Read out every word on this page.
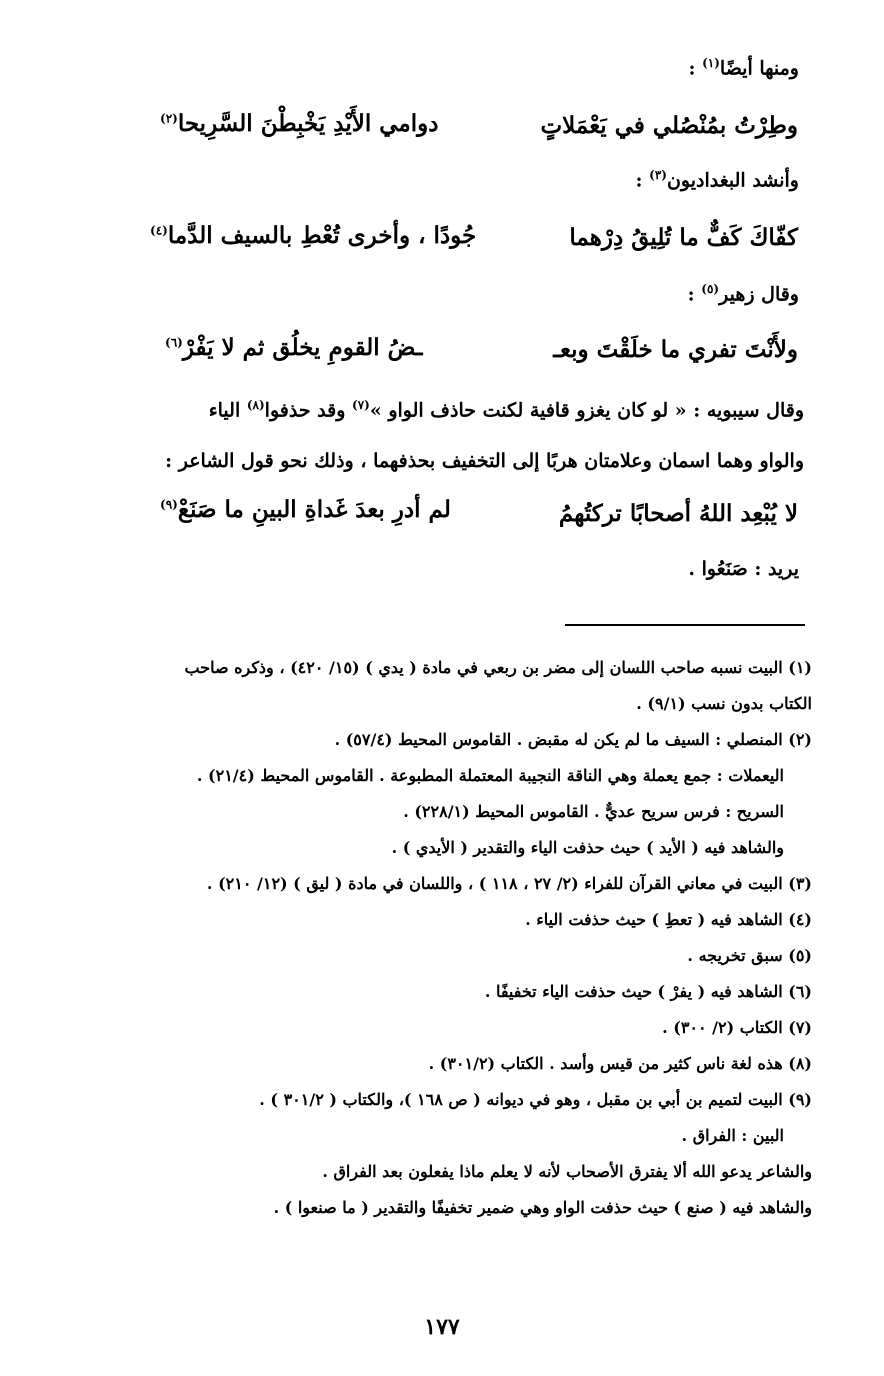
ومنها أيضًا$^{(١)}$ :
وطِرْتُ بمُنْصُلي في يَعْمَلاتٍ
دوامي الأَيْدِ يَخْبِطْنَ السَّرِيحا$^{(٢)}$
وأنشد البغداديون$^{(٣)}$ :
كفّاكَ كَفٌّ ما تُلِيقُ دِرْهما
جُودًا ، وأخرى تُعْطِ بالسيف الدَّما$^{(٤)}$
وقال زهير$^{(٥)}$ :
ولأَنْتَ تفري ما خلَقْتَ وبعـ
ـضُ القومِ يخلُق ثم لا يَفْرْ$^{(٦)}$
وقال سيبويه : « لو كان يغزو قافية لكنت حاذف الواو »$^{(٧)}$ وقد حذفوا$^{(٨)}$ الياء
والواو وهما اسمان وعلامتان هربًا إلى التخفيف بحذفهما ، وذلك نحو قول الشاعر :
لا يُبْعِد اللهُ أصحابًا تركتُهمُ
لم أدرِ بعدَ غَداةِ البينِ ما صَنَعْ$^{(٩)}$
يريد : صَنَعُوا .
(١) البيت نسبه صاحب اللسان إلى مضر بن ربعي في مادة ( يدي ) (١٥/ ٤٢٠) ، وذكره صاحب
الكتاب بدون نسب (٩/١) .
(٢) المنصلي : السيف ما لم يكن له مقبض . القاموس المحيط (٥٧/٤) .
اليعملات : جمع يعملة وهي الناقة النجيبة المعتملة المطبوعة . القاموس المحيط (٢١/٤) .
السريح : فرس سريح عديٌّ . القاموس المحيط (٢٢٨/١) .
والشاهد فيه ( الأيد ) حيث حذفت الياء والتقدير ( الأيدي ) .
(٣) البيت في معاني القرآن للفراء (٢/ ٢٧ ، ١١٨ ) ، واللسان في مادة ( ليق ) (١٢/ ٢١٠) .
(٤) الشاهد فيه ( تعطِ ) حيث حذفت الياء .
(٥) سبق تخريجه .
(٦) الشاهد فيه ( يفرْ ) حيث حذفت الياء تخفيفًا .
(٧) الكتاب (٢/ ٣٠٠) .
(٨) هذه لغة ناس كثير من قيس وأسد . الكتاب (٣٠١/٢) .
(٩) البيت لتميم بن أبي بن مقبل ، وهو في ديوانه ( ص ١٦٨ )، والكتاب ( ٣٠١/٢ ) .
البين : الفراق .
والشاعر يدعو الله ألا يفترق الأصحاب لأنه لا يعلم ماذا يفعلون بعد الفراق .
والشاهد فيه ( صنع ) حيث حذفت الواو وهي ضمير تخفيفًا والتقدير ( ما صنعوا ) .
١٧٧
